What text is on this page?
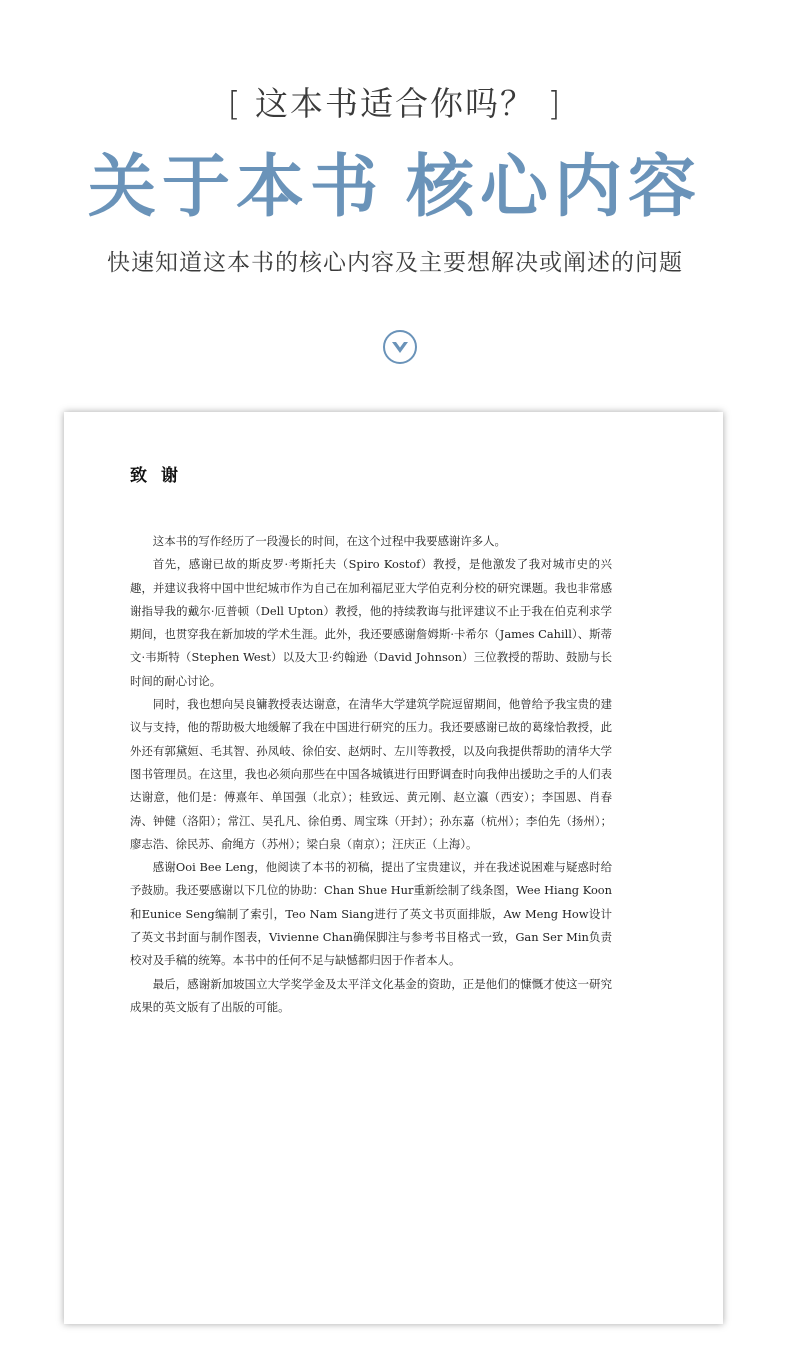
[ 这本书适合你吗？ ]
关于本书 核心内容
快速知道这本书的核心内容及主要想解决或阐述的问题
致谢

这本书的写作经历了一段漫长的时间，在这个过程中我要感谢许多人。

首先，感谢已故的斯皮罗·考斯托夫（Spiro Kostof）教授，是他激发了我对城市史的兴趣，并建议我将中国中世纪城市作为自己在加利福尼亚大学伯克利分校的研究课题。我也非常感谢指导我的戴尔·厄普顿（Dell Upton）教授，他的持续教诲与批评建议不止于我在伯克利求学期间，也贯穿我在新加坡的学术生涯。此外，我还要感谢詹姆斯·卡希尔（James Cahill）、斯蒂文·韦斯特（Stephen West）以及大卫·约翰逊（David Johnson）三位教授的帮助、鼓励与长时间的耐心讨论。

同时，我也想向吴良镛教授表达谢意，在清华大学建筑学院逗留期间，他曾给予我宝贵的建议与支持，他的帮助极大地缓解了我在中国进行研究的压力。我还要感谢已故的葛缘恰教授，此外还有郭黛姮、毛其智、孙凤岐、徐伯安、赵炳时、左川等教授，以及向我提供帮助的清华大学图书管理员。在这里，我也必须向那些在中国各城镇进行田野调查时向我伸出援助之手的人们表达谢意，他们是：傅熹年、单国强（北京）；桂致远、黄元刚、赵立瀛（西安）；李国恩、肖春涛、钟健（洛阳）；常江、吴孔凡、徐伯勇、周宝珠（开封）；孙东嘉（杭州）；李伯先（扬州）；廖志浩、徐民苏、俞绳方（苏州）；梁白泉（南京）；汪庆正（上海）。

感谢Ooi Bee Leng，他阅读了本书的初稿，提出了宝贵建议，并在我述说困难与疑惑时给予鼓励。我还要感谢以下几位的协助：Chan Shue Hur重新绘制了线条图，Wee Hiang Koon和Eunice Seng编制了索引，Teo Nam Siang进行了英文书页面排版，Aw Meng How设计了英文书封面与制作图表，Vivienne Chan确保脚注与参考书目格式一致，Gan Ser Min负责校对及手稿的统筹。本书中的任何不足与缺憾都归因于作者本人。

最后，感谢新加坡国立大学奖学金及太平洋文化基金的资助，正是他们的慷慨才使这一研究成果的英文版有了出版的可能。
